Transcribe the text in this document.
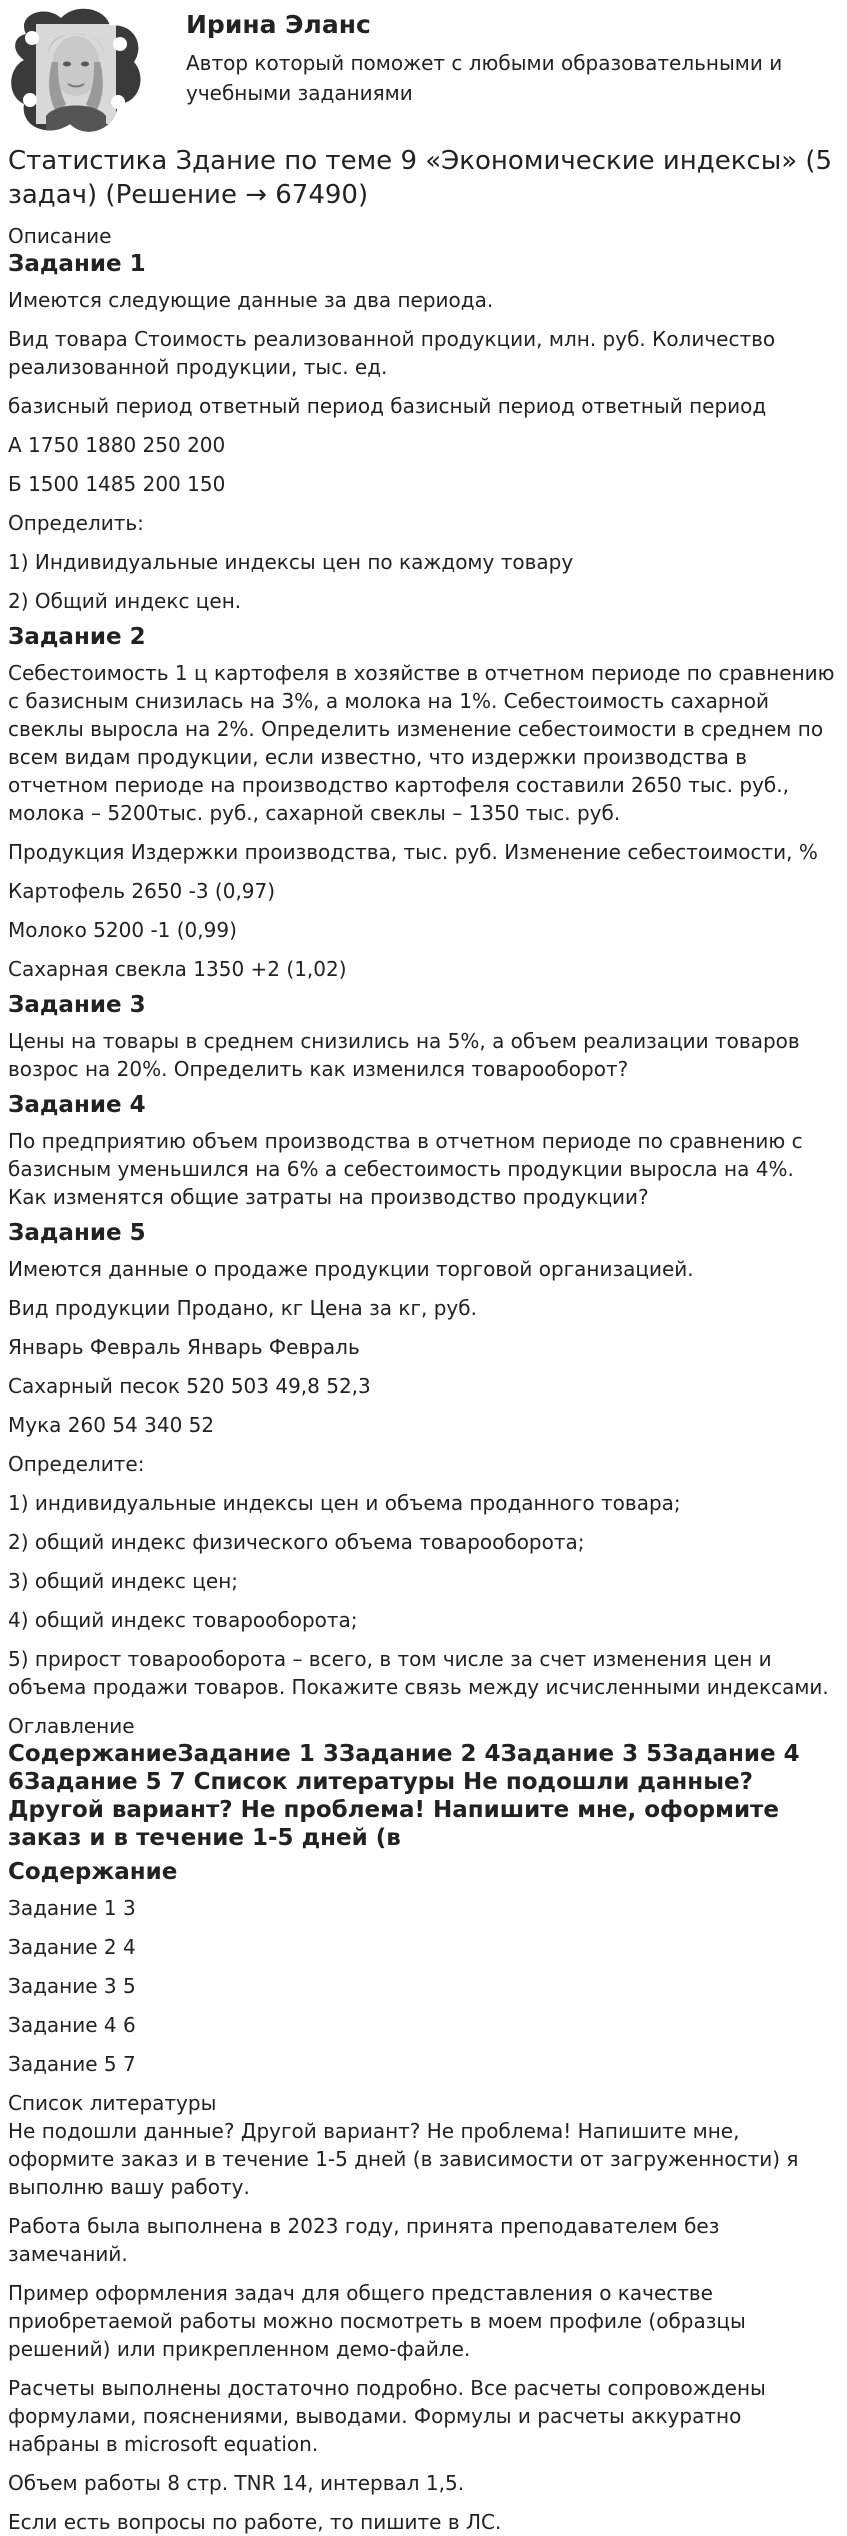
Ирина Эланс
Автор который поможет с любыми образовательными и учебными заданиями
Статистика Здание по теме 9 «Экономические индексы» (5 задач) (Решение → 67490)

Описание

Задание 1

Имеются следующие данные за два периода.

Вид товара Стоимость реализованной продукции, млн. руб. Количество реализованной продукции, тыс. ед.

базисный период ответный период базисный период ответный период

А 1750 1880 250 200

Б 1500 1485 200 150

Определить:

1) Индивидуальные индексы цен по каждому товару

2) Общий индекс цен.

Задание 2

Себестоимость 1 ц картофеля в хозяйстве в отчетном периоде по сравнению с базисным снизилась на 3%, а молока на 1%. Себестоимость сахарной свеклы выросла на 2%. Определить изменение себестоимости в среднем по всем видам продукции, если известно, что издержки производства в отчетном периоде на производство картофеля составили 2650 тыс. руб., молока – 5200тыс. руб., сахарной свеклы – 1350 тыс. руб.

Продукция Издержки производства, тыс. руб. Изменение себестоимости, %

Картофель 2650 -3 (0,97)

Молоко 5200 -1 (0,99)

Сахарная свекла 1350 +2 (1,02)

Задание 3

Цены на товары в среднем снизились на 5%, а объем реализации товаров возрос на 20%. Определить как изменился товарооборот?

Задание 4

По предприятию объем производства в отчетном периоде по сравнению с базисным уменьшился на 6% а себестоимость продукции выросла на 4%. Как изменятся общие затраты на производство продукции?

Задание 5

Имеются данные о продаже продукции торговой организацией.

Вид продукции Продано, кг Цена за кг, руб.

Январь Февраль Январь Февраль

Сахарный песок 520 503 49,8 52,3

Мука 260 54 340 52

Определите:

1) индивидуальные индексы цен и объема проданного товара;

2) общий индекс физического объема товарооборота;

3) общий индекс цен;

4) общий индекс товарооборота;

5) прирост товарооборота – всего, в том числе за счет изменения цен и объема продажи товаров. Покажите связь между исчисленными индексами.

Оглавление

СодержаниеЗадание 1 3Задание 2 4Задание 3 5Задание 4 6Задание 5 7 Список литературы Не подошли данные? Другой вариант? Не проблема! Напишите мне, оформите заказ и в течение 1-5 дней (в
Содержание

Задание 1 3

Задание 2 4

Задание 3 5

Задание 4 6

Задание 5 7

Список литературы

Не подошли данные? Другой вариант? Не проблема! Напишите мне, оформите заказ и в течение 1-5 дней (в зависимости от загруженности) я выполню вашу работу.

Работа была выполнена в 2023 году, принята преподавателем без замечаний.

Пример оформления задач для общего представления о качестве приобретаемой работы можно посмотреть в моем профиле (образцы решений) или прикрепленном демо-файле.

Расчеты выполнены достаточно подробно. Все расчеты сопровождены формулами, пояснениями, выводами. Формулы и расчеты аккуратно набраны в microsoft equation.

Объем работы 8 стр. TNR 14, интервал 1,5.

Если есть вопросы по работе, то пишите в ЛС.
